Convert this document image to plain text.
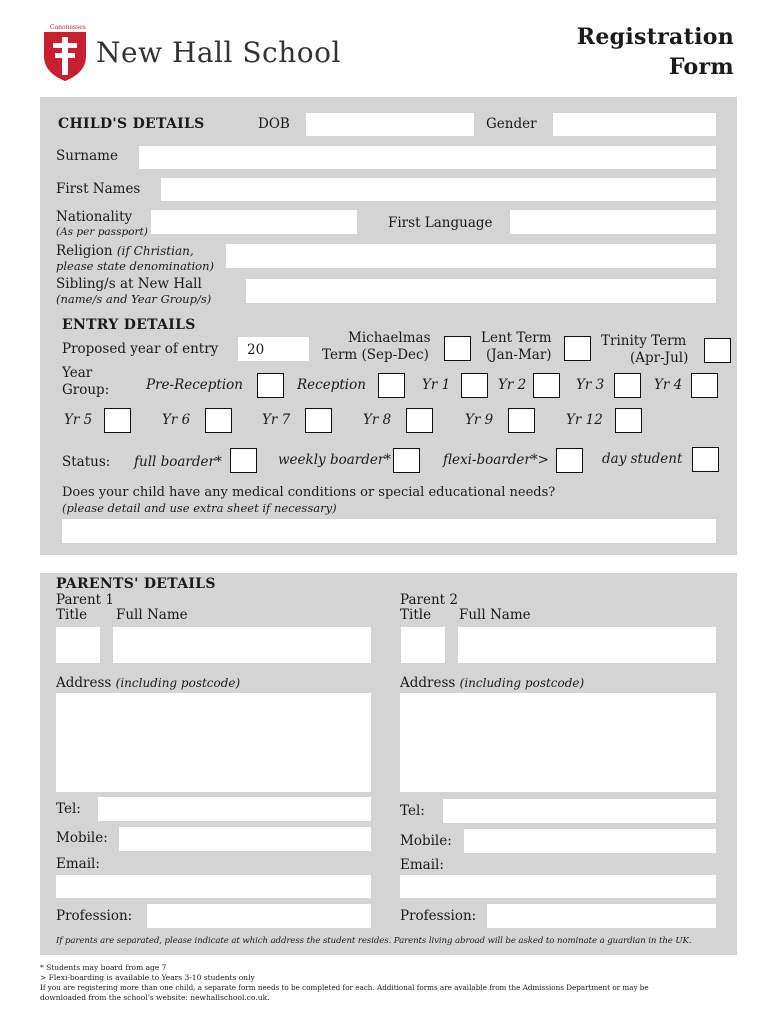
Canonesses
New Hall School	Registration
Form
CHILD'S DETAILS	DOB	Gender
Surname
First Names
Nationality
(As per passport)
First Language
Religion (if Christian,
please state denomination)
Sibling/s at New Hall
(name/s and Year Group/s)
ENTRY DETAILS
Proposed year of entry 20
Michaelmas
Term (Sep-Dec)
Lent Term
(Jan-Mar)
Trinity Term
(Apr-Jul)
Year
Group:	Pre-Reception	Reception	Yr 1	Yr 2	Yr 3	Yr 4
Yr 5	Yr 6	Yr 7	Yr 8	Yr 9	Yr 12
Status: full boarder*	weekly boarder*	flexi-boarder*>	day student
Does your child have any medical conditions or special educational needs?
(please detail and use extra sheet if necessary)
PARENTS' DETAILS
Parent 1
Title Full Name
Parent 2
Title Full Name
Address (including postcode)	Address (including postcode)
Tel:	Tel:
Mobile:	Mobile:
Email:	Email:
Profession:	Profession:
If parents are separated, please indicate at which address the student resides. Parents living abroad will be asked to nominate a guardian in the UK.
* Students may board from age 7
> Flexi-boarding is available to Years 3-10 students only
If you are registering more than one child, a separate form needs to be completed for each. Additional forms are available from the Admissions Department or may be
downloaded from the school's website: newhallschool.co.uk.
